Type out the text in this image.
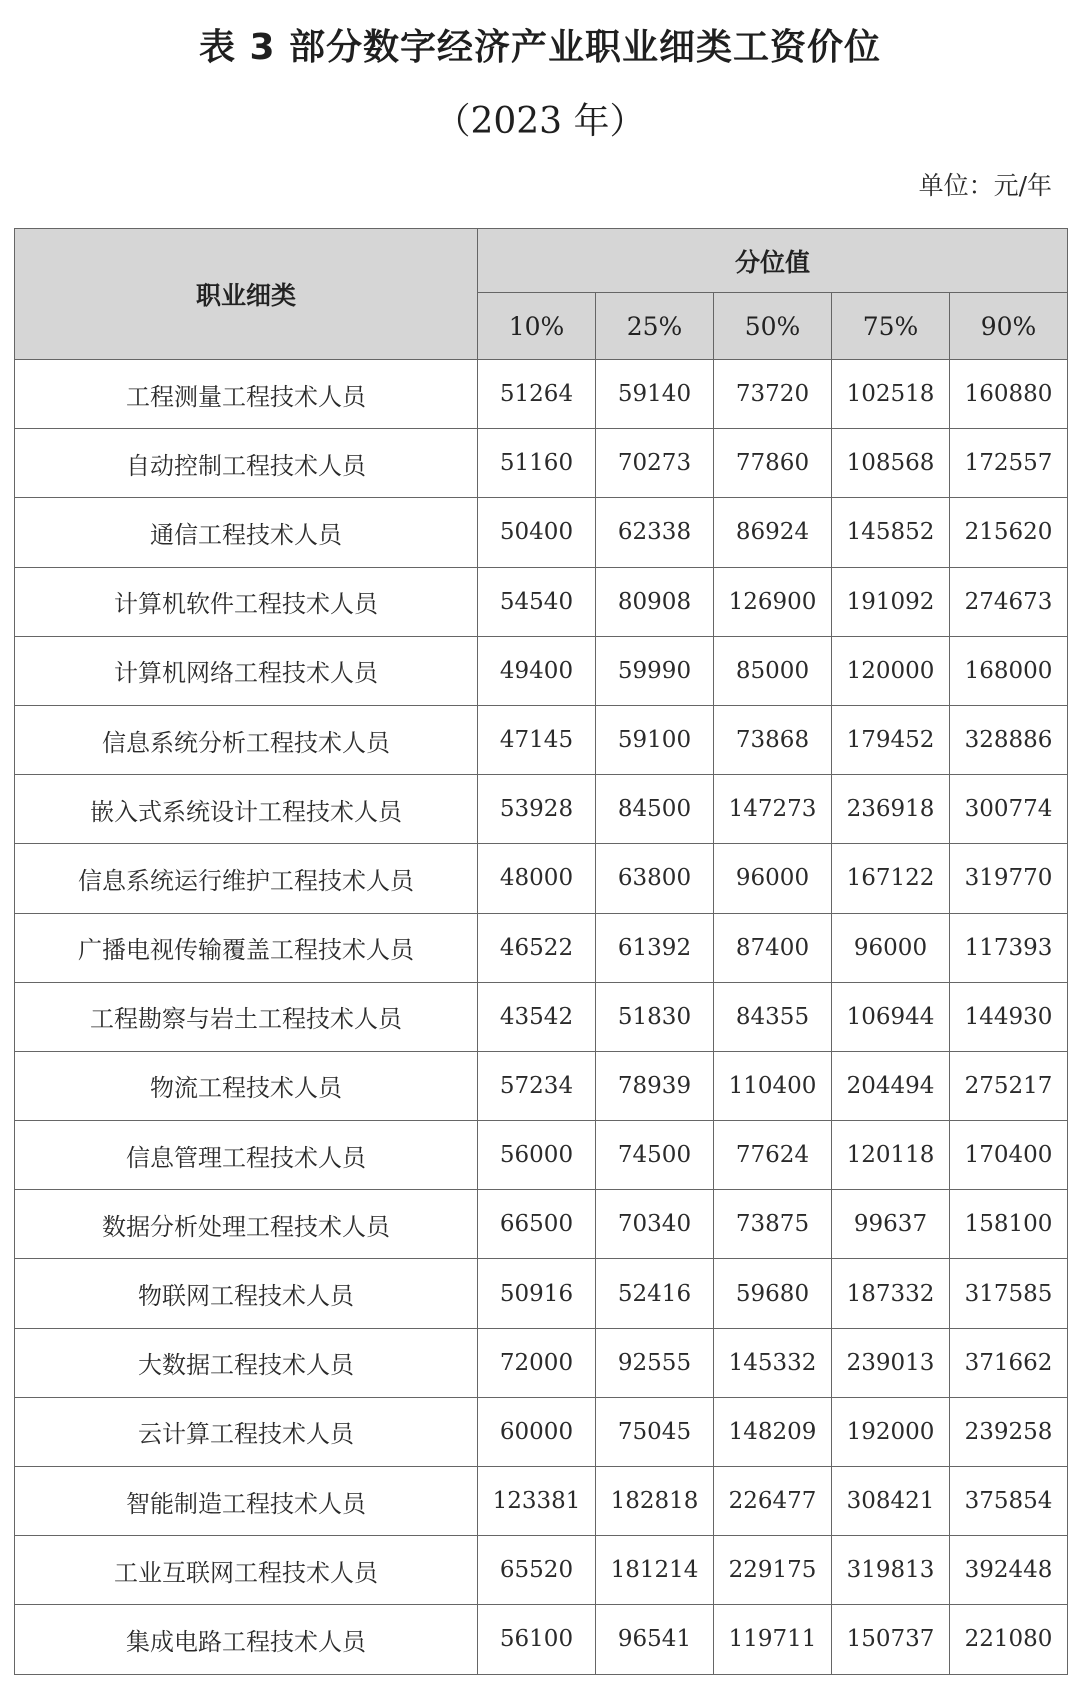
表 3 部分数字经济产业职业细类工资价位
（2023 年）
单位：元/年
职业细类	分位值				
	10%	25%	50%	75%	90%
工程测量工程技术人员	51264	59140	73720	102518	160880
自动控制工程技术人员	51160	70273	77860	108568	172557
通信工程技术人员	50400	62338	86924	145852	215620
计算机软件工程技术人员	54540	80908	126900	191092	274673
计算机网络工程技术人员	49400	59990	85000	120000	168000
信息系统分析工程技术人员	47145	59100	73868	179452	328886
嵌入式系统设计工程技术人员	53928	84500	147273	236918	300774
信息系统运行维护工程技术人员	48000	63800	96000	167122	319770
广播电视传输覆盖工程技术人员	46522	61392	87400	96000	117393
工程勘察与岩土工程技术人员	43542	51830	84355	106944	144930
物流工程技术人员	57234	78939	110400	204494	275217
信息管理工程技术人员	56000	74500	77624	120118	170400
数据分析处理工程技术人员	66500	70340	73875	99637	158100
物联网工程技术人员	50916	52416	59680	187332	317585
大数据工程技术人员	72000	92555	145332	239013	371662
云计算工程技术人员	60000	75045	148209	192000	239258
智能制造工程技术人员	123381	182818	226477	308421	375854
工业互联网工程技术人员	65520	181214	229175	319813	392448
集成电路工程技术人员	56100	96541	119711	150737	221080
